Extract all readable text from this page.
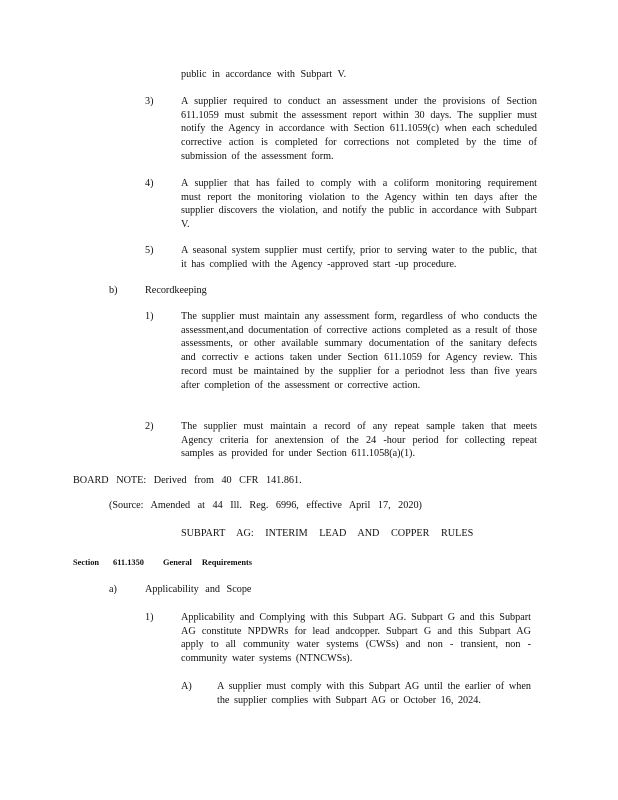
public in accordance with Subpart V.
3)	A supplier required to conduct an assessment under the provisions of Section 611.1059 must submit the assessment report within 30 days. The supplier must notify the Agency in accordance with Section 611.1059(c) when each scheduled corrective action is completed for corrections not completed by the time of submission of the assessment form.
4)	A supplier that has failed to comply with a coliform monitoring requirement must report the monitoring violation to the Agency within ten days after the supplier discovers the violation, and notify the public in accordance with Subpart V.
5)	A seasonal system supplier must certify, prior to serving water to the public, that it has complied with the Agency -approved start -up procedure.
b)	Recordkeeping
1)	The supplier must maintain any assessment form, regardless of who conducts the assessment,and documentation of corrective actions completed as a result of those assessments, or other available summary documentation of the sanitary defects and correctiv e actions taken under Section 611.1059 for Agency review. This record must be maintained by the supplier for a periodnot less than five years after completion of the assessment or corrective action.
2)	The supplier must maintain a record of any repeat sample taken that meets Agency criteria for anextension of the 24 -hour period for collecting repeat samples as provided for under Section 611.1058(a)(1).
BOARD NOTE: Derived from 40 CFR 141.861.
(Source: Amended at 44 Ill. Reg. 6996, effective April 17, 2020)
SUBPART AG: INTERIM LEAD AND COPPER RULES
Section 611.1350 General Requirements
a)	Applicability and Scope
1)	Applicability and Complying with this Subpart AG. Subpart G and this Subpart AG constitute NPDWRs for lead andcopper. Subpart G and this Subpart AG apply to all community water systems (CWSs) and non - transient, non -community water systems (NTNCWSs).
A) A supplier must comply with this Subpart AG until the earlier of when the supplier complies with Subpart AG or October 16, 2024.
